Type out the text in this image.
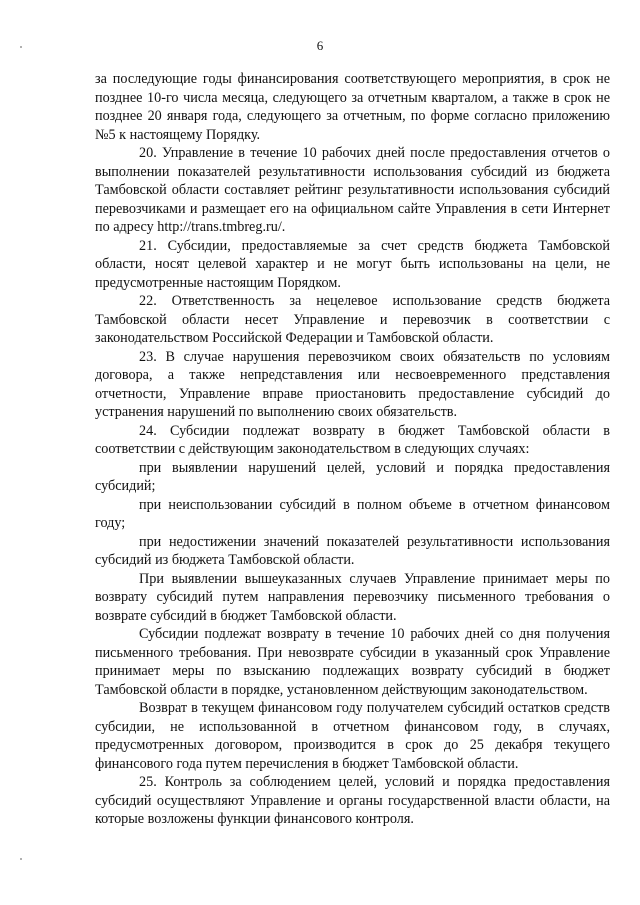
6

за последующие годы финансирования соответствующего мероприятия, в срок не позднее 10-го числа месяца, следующего за отчетным кварталом, а также в срок не позднее 20 января года, следующего за отчетным, по форме согласно приложению №5 к настоящему Порядку.

20. Управление в течение 10 рабочих дней после предоставления отчетов о выполнении показателей результативности использования субсидий из бюджета Тамбовской области составляет рейтинг результативности использования субсидий перевозчиками и размещает его на официальном сайте Управления в сети Интернет по адресу http://trans.tmbreg.ru/.

21. Субсидии, предоставляемые за счет средств бюджета Тамбовской области, носят целевой характер и не могут быть использованы на цели, не предусмотренные настоящим Порядком.

22. Ответственность за нецелевое использование средств бюджета Тамбовской области несет Управление и перевозчик в соответствии с законодательством Российской Федерации и Тамбовской области.

23. В случае нарушения перевозчиком своих обязательств по условиям договора, а также непредставления или несвоевременного представления отчетности, Управление вправе приостановить предоставление субсидий до устранения нарушений по выполнению своих обязательств.

24. Субсидии подлежат возврату в бюджет Тамбовской области в соответствии с действующим законодательством в следующих случаях:

при выявлении нарушений целей, условий и порядка предоставления субсидий;

при неиспользовании субсидий в полном объеме в отчетном финансовом году;

при недостижении значений показателей результативности использования субсидий из бюджета Тамбовской области.

При выявлении вышеуказанных случаев Управление принимает меры по возврату субсидий путем направления перевозчику письменного требования о возврате субсидий в бюджет Тамбовской области.

Субсидии подлежат возврату в течение 10 рабочих дней со дня получения письменного требования. При невозврате субсидии в указанный срок Управление принимает меры по взысканию подлежащих возврату субсидий в бюджет Тамбовской области в порядке, установленном действующим законодательством.

Возврат в текущем финансовом году получателем субсидий остатков средств субсидии, не использованной в отчетном финансовом году, в случаях, предусмотренных договором, производится в срок до 25 декабря текущего финансового года путем перечисления в бюджет Тамбовской области.

25. Контроль за соблюдением целей, условий и порядка предоставления субсидий осуществляют Управление и органы государственной власти области, на которые возложены функции финансового контроля.
